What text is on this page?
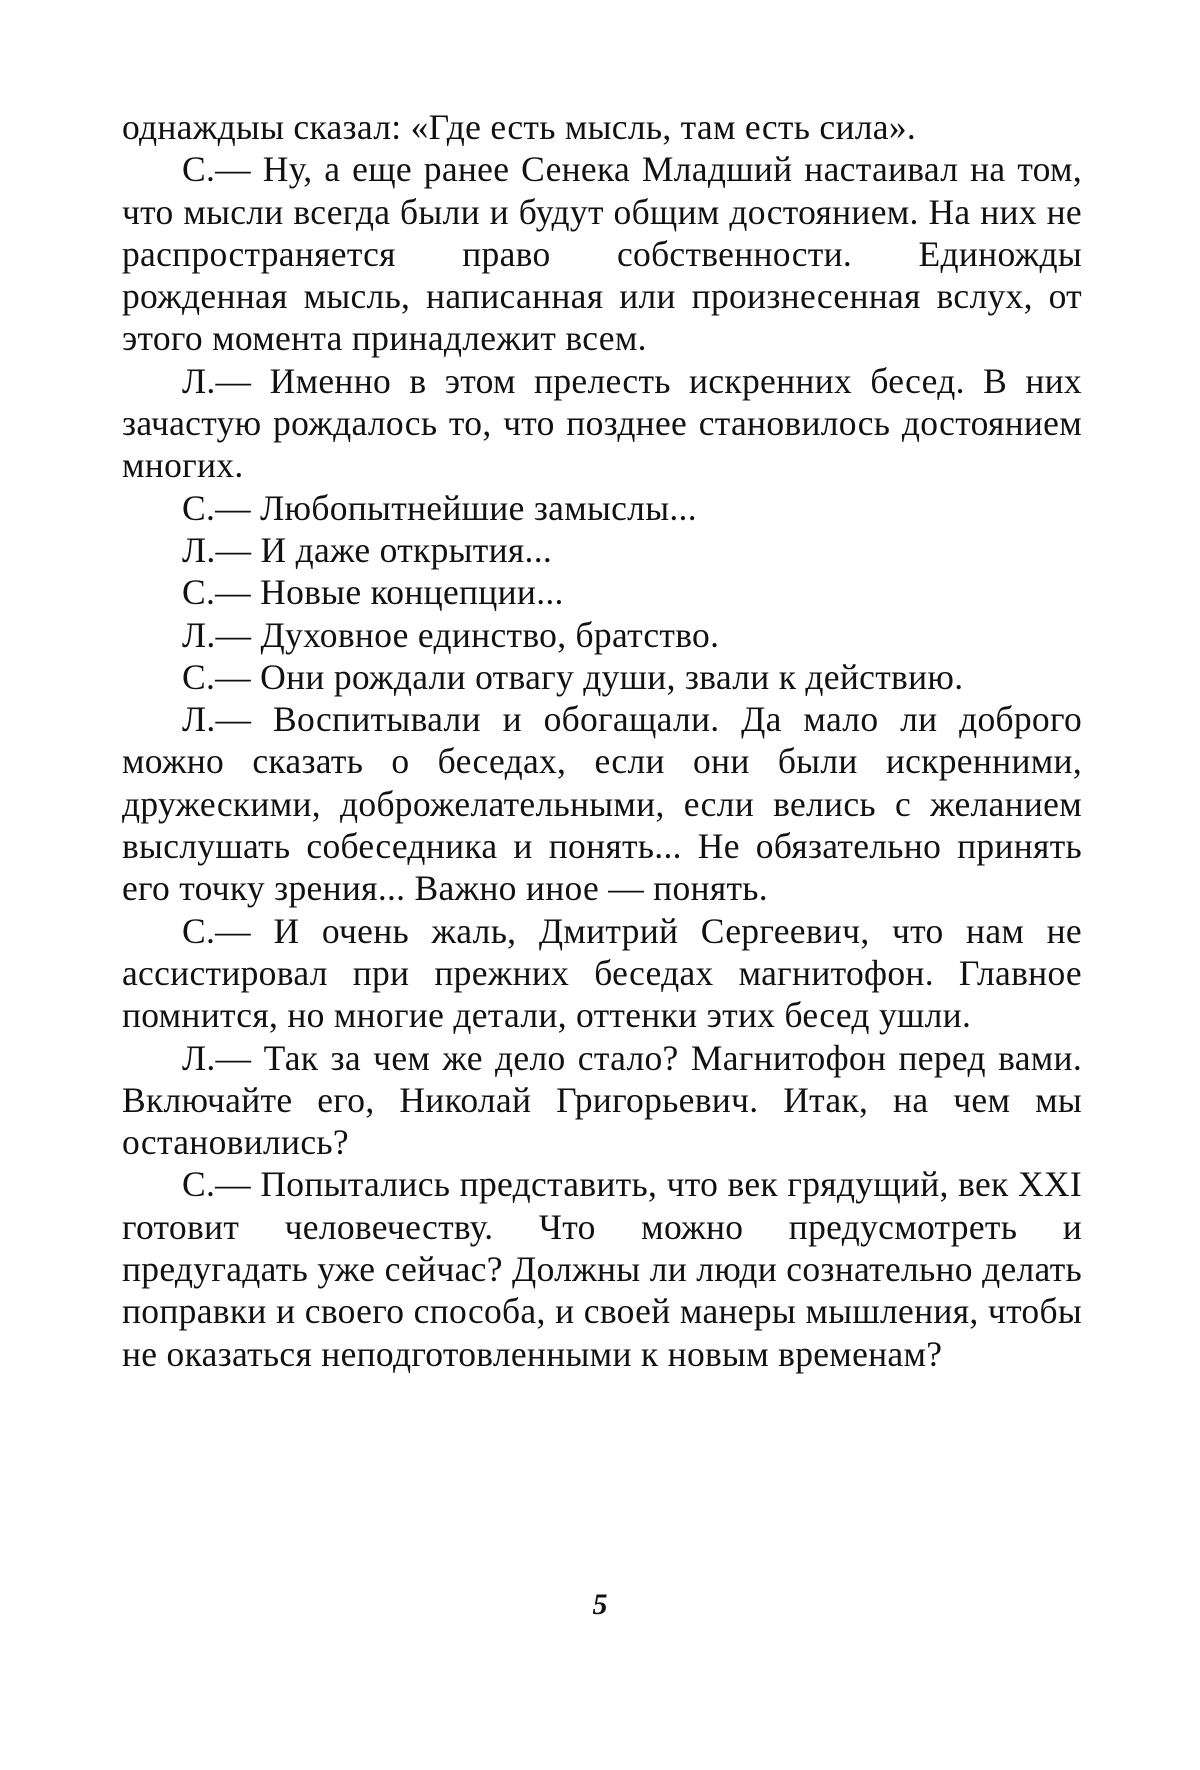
однаждыы сказал: «Где есть мысль, там есть сила».

С.— Ну, а еще ранее Сенека Младший настаивал на том, что мысли всегда были и будут общим достоянием. На них не распространяется право собственности. Единожды рожденная мысль, написанная или произнесенная вслух, от этого момента принадлежит всем.

Л.— Именно в этом прелесть искренних бесед. В них зачастую рождалось то, что позднее становилось достоянием многих.

С.— Любопытнейшие замыслы...

Л.— И даже открытия...

С.— Новые концепции...

Л.— Духовное единство, братство.

С.— Они рождали отвагу души, звали к действию.

Л.— Воспитывали и обогащали. Да мало ли доброго можно сказать о беседах, если они были искренними, дружескими, доброжелательными, если велись с желанием выслушать собеседника и понять... Не обязательно принять его точку зрения... Важно иное — понять.

С.— И очень жаль, Дмитрий Сергеевич, что нам не ассистировал при прежних беседах магнитофон. Главное помнится, но многие детали, оттенки этих бесед ушли.

Л.— Так за чем же дело стало? Магнитофон перед вами. Включайте его, Николай Григорьевич. Итак, на чем мы остановились?

С.— Попытались представить, что век грядущий, век XXI готовит человечеству. Что можно предусмотреть и предугадать уже сейчас? Должны ли люди сознательно делать поправки и своего способа, и своей манеры мышления, чтобы не оказаться неподготовленными к новым временам?

5
